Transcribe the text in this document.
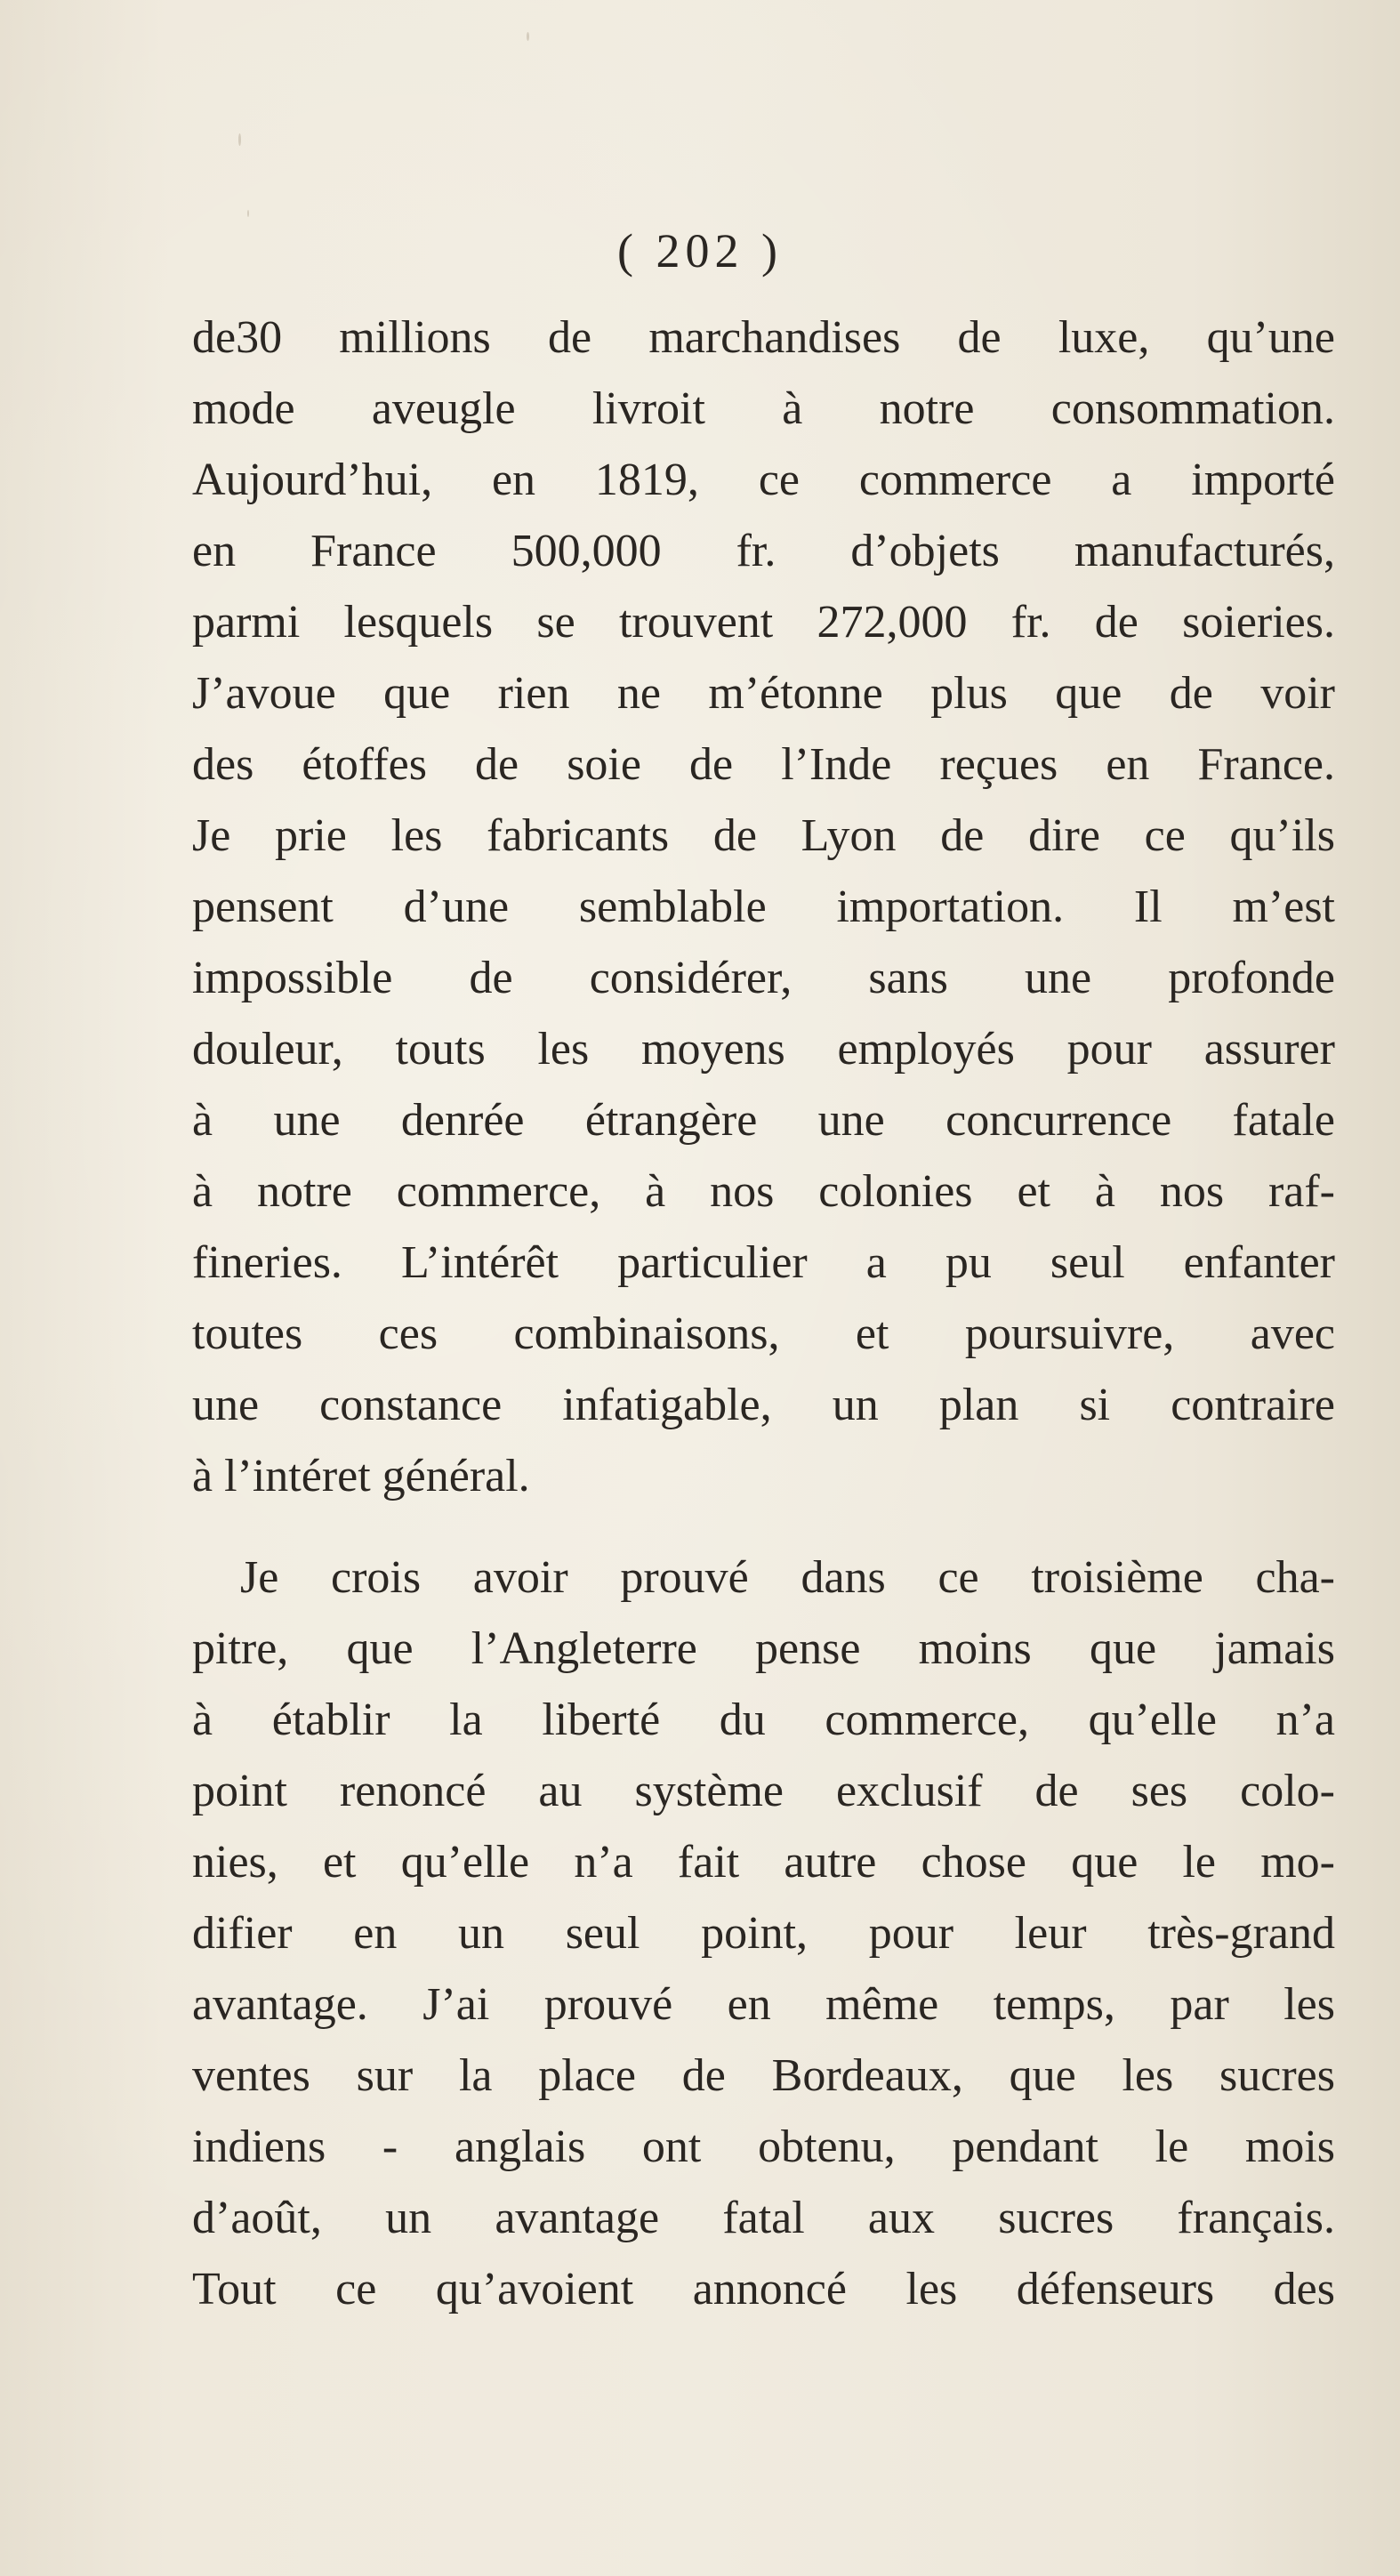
( 202 )
de30 millions de marchandises de luxe, qu’une
mode aveugle livroit à notre consommation.
Aujourd’hui, en 1819, ce commerce a importé
en France 500,000 fr. d’objets manufacturés,
parmi lesquels se trouvent 272,000 fr. de soieries.
J’avoue que rien ne m’étonne plus que de voir
des étoffes de soie de l’Inde reçues en France.
Je prie les fabricants de Lyon de dire ce qu’ils
pensent d’une semblable importation. Il m’est
impossible de considérer, sans une profonde
douleur, touts les moyens employés pour assurer
à une denrée étrangère une concurrence fatale
à notre commerce, à nos colonies et à nos raf-
fineries. L’intérêt particulier a pu seul enfanter
toutes ces combinaisons, et poursuivre, avec
une constance infatigable, un plan si contraire
à l’intéret général.
Je crois avoir prouvé dans ce troisième cha-
pitre, que l’Angleterre pense moins que jamais
à établir la liberté du commerce, qu’elle n’a
point renoncé au système exclusif de ses colo-
nies, et qu’elle n’a fait autre chose que le mo-
difier en un seul point, pour leur très-grand
avantage. J’ai prouvé en même temps, par les
ventes sur la place de Bordeaux, que les sucres
indiens - anglais ont obtenu, pendant le mois
d’août, un avantage fatal aux sucres français.
Tout ce qu’avoient annoncé les défenseurs des
